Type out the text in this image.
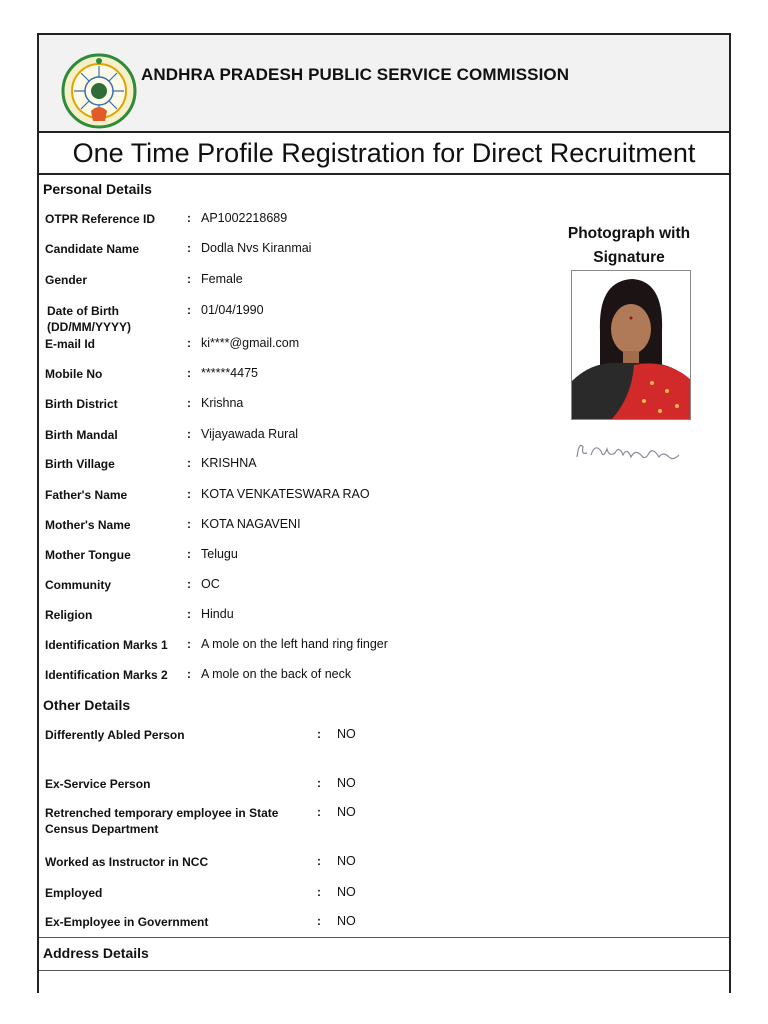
ANDHRA PRADESH PUBLIC SERVICE COMMISSION
One Time Profile Registration for Direct Recruitment
Personal Details
OTPR Reference ID	: AP1002218689
Candidate Name	: Dodla Nvs Kiranmai
Gender	: Female
Date of Birth (DD/MM/YYYY)
: 01/04/1990
E-mail Id	: ki****@gmail.com
Mobile No	: ******4475
Birth District	: Krishna
Birth Mandal	: Vijayawada Rural
Birth Village	: KRISHNA
Father's Name	: KOTA VENKATESWARA RAO
Mother's Name	: KOTA NAGAVENI
Mother Tongue	: Telugu
Community	: OC
Religion	: Hindu
Identification Marks 1	: A mole on the left hand ring finger
Identification Marks 2	: A mole on the back of neck
Photograph with Signature
Other Details
Differently Abled Person	: NO
Ex-Service Person	: NO
Retrenched temporary employee in State Census Department
: NO
Worked as Instructor in NCC	: NO
Employed	: NO
Ex-Employee in Government	: NO
Address Details
